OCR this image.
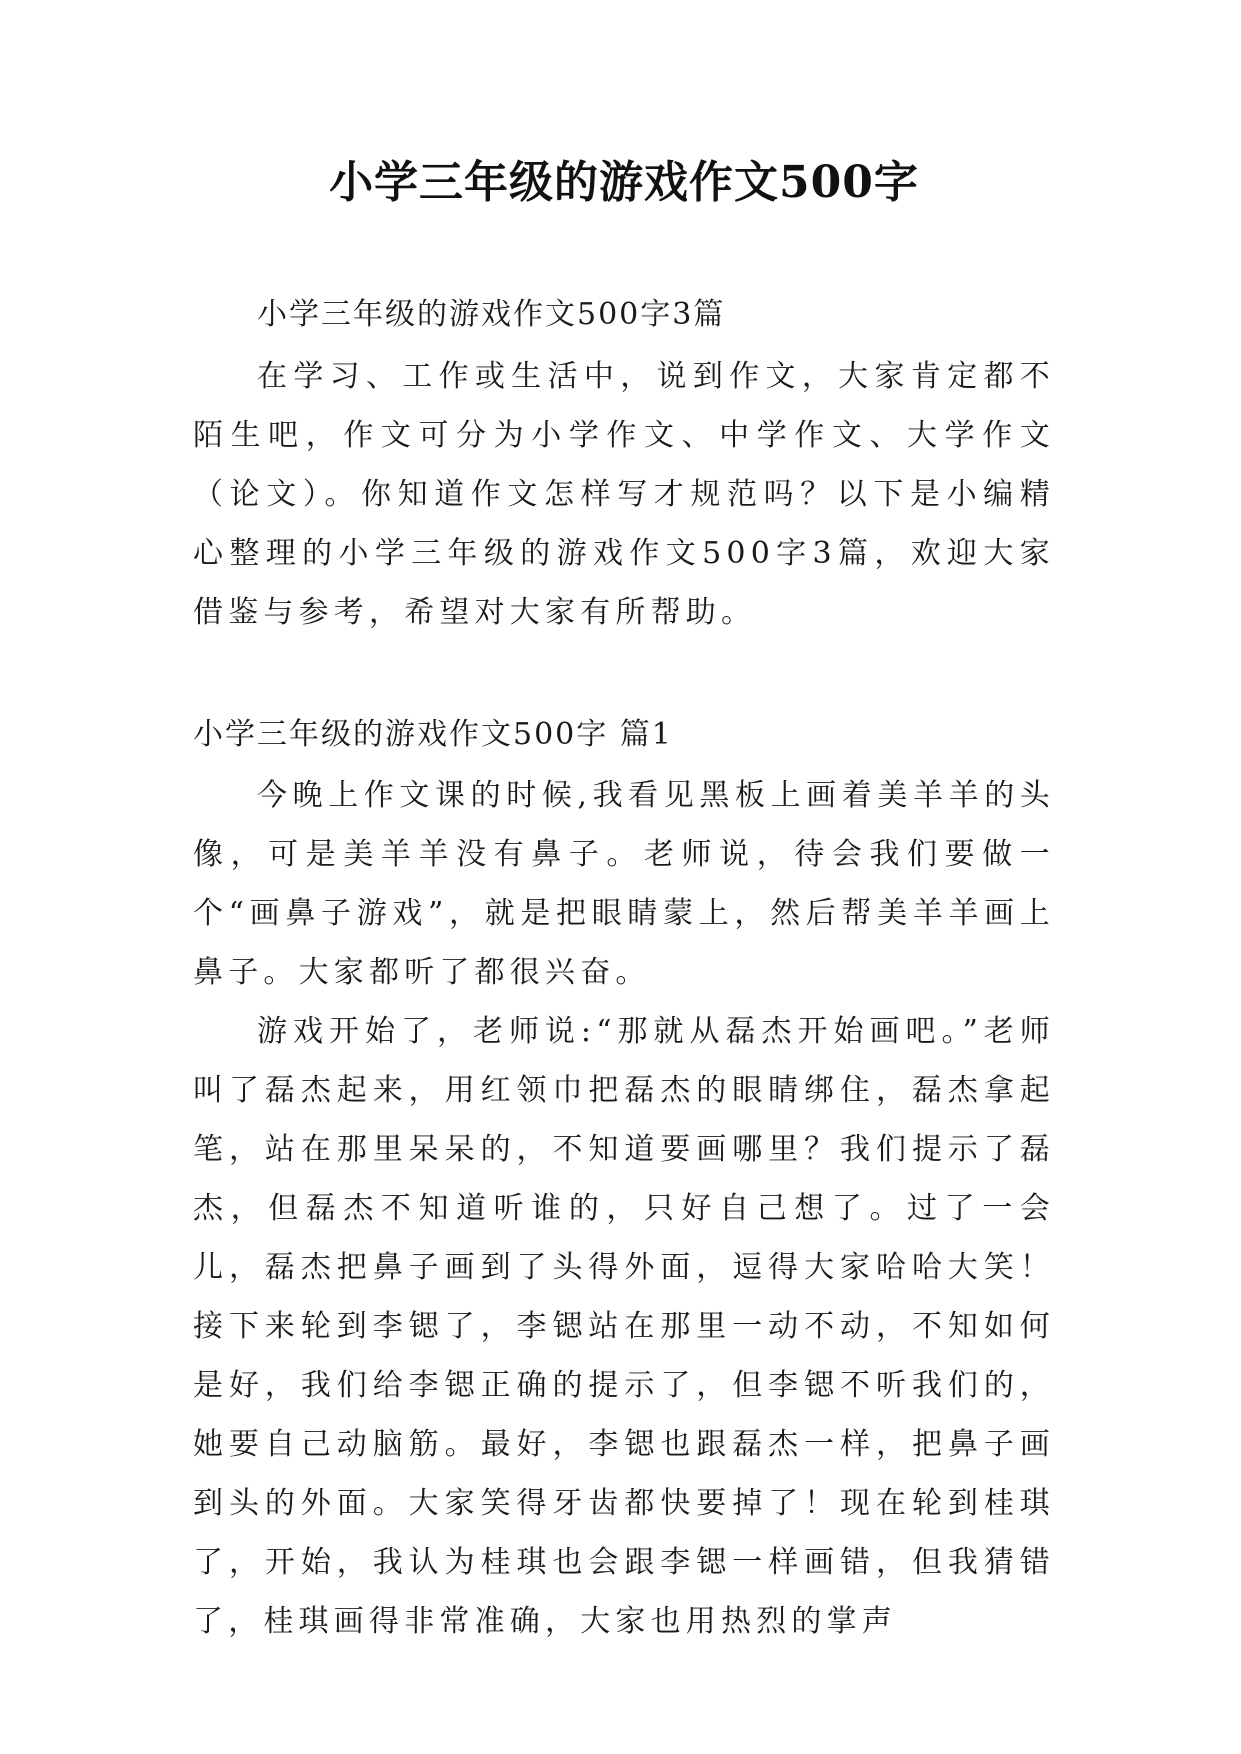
小学三年级的游戏作文500字

小学三年级的游戏作文500字3篇

在学习、工作或生活中，说到作文，大家肯定都不陌生吧，作文可分为小学作文、中学作文、大学作文（论文）。你知道作文怎样写才规范吗？以下是小编精心整理的小学三年级的游戏作文500字3篇，欢迎大家借鉴与参考，希望对大家有所帮助。

小学三年级的游戏作文500字 篇1

今晚上作文课的时候,我看见黑板上画着美羊羊的头像，可是美羊羊没有鼻子。老师说，待会我们要做一个“画鼻子游戏”，就是把眼睛蒙上，然后帮美羊羊画上鼻子。大家都听了都很兴奋。

游戏开始了，老师说:“那就从磊杰开始画吧。”老师叫了磊杰起来，用红领巾把磊杰的眼睛绑住，磊杰拿起笔，站在那里呆呆的，不知道要画哪里？我们提示了磊杰，但磊杰不知道听谁的，只好自己想了。过了一会儿，磊杰把鼻子画到了头得外面，逗得大家哈哈大笑！接下来轮到李锶了，李锶站在那里一动不动，不知如何是好，我们给李锶正确的提示了，但李锶不听我们的，她要自己动脑筋。最好，李锶也跟磊杰一样，把鼻子画到头的外面。大家笑得牙齿都快要掉了！现在轮到桂琪了，开始，我认为桂琪也会跟李锶一样画错，但我猜错了，桂琪画得非常准确，大家也用热烈的掌声
